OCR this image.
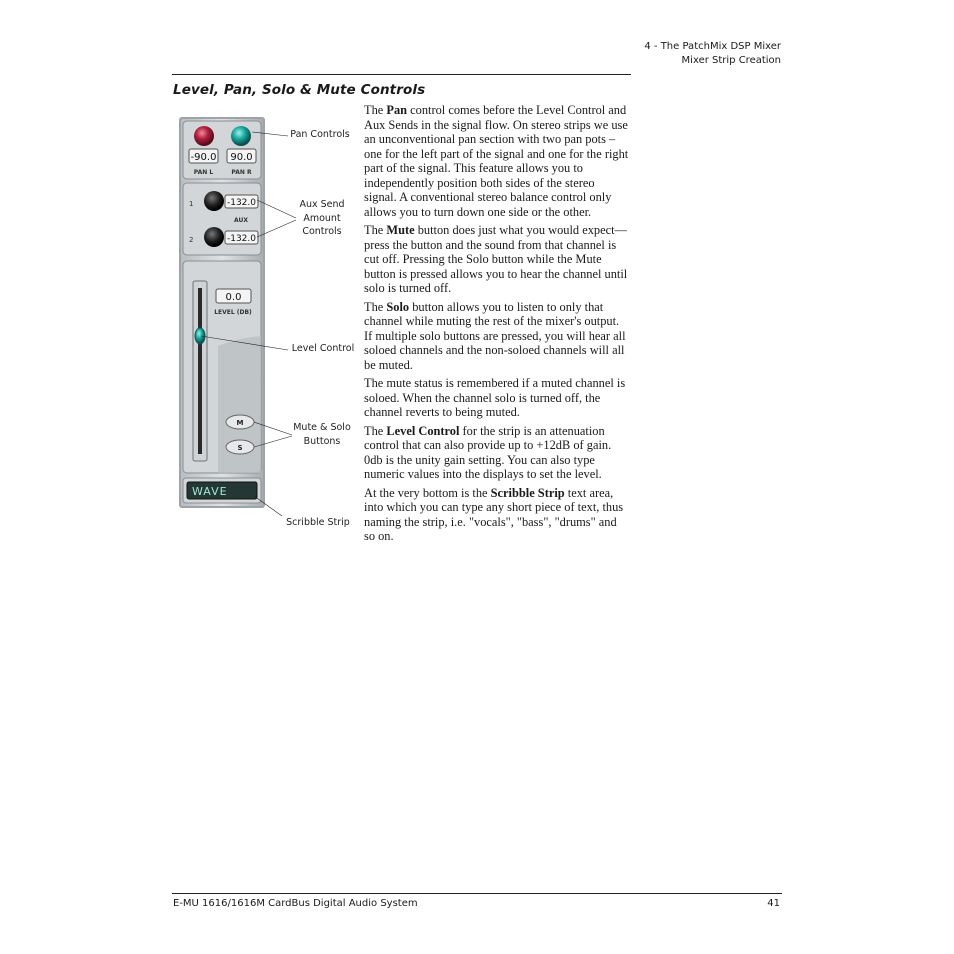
4 - The PatchMix DSP Mixer
Mixer Strip Creation
Level, Pan, Solo & Mute Controls
-90.0 90.0
PAN L	PAN R
1	-132.0
AUX
2	-132.0
0.0
LEVEL (DB)
M
S
WAVE
Pan Controls
Aux Send
Amount
Controls
Level Control
Mute & Solo
Buttons
Scribble Strip

The Pan control comes before the Level Control and Aux Sends in the signal flow. On stereo strips we use an unconventional pan section with two pan pots – one for the left part of the signal and one for the right part of the signal. This feature allows you to independently position both sides of the stereo signal. A conventional stereo balance control only allows you to turn down one side or the other.

The Mute button does just what you would expect—press the button and the sound from that channel is cut off. Pressing the Solo button while the Mute button is pressed allows you to hear the channel until solo is turned off.

The Solo button allows you to listen to only that channel while muting the rest of the mixer's output. If multiple solo buttons are pressed, you will hear all soloed channels and the non-soloed channels will all be muted.

The mute status is remembered if a muted channel is soloed. When the channel solo is turned off, the channel reverts to being muted.

The Level Control for the strip is an attenuation control that can also provide up to +12dB of gain. 0db is the unity gain setting. You can also type numeric values into the displays to set the level.

At the very bottom is the Scribble Strip text area, into which you can type any short piece of text, thus naming the strip, i.e. "vocals", "bass", "drums" and so on.

E-MU 1616/1616M CardBus Digital Audio System	41
